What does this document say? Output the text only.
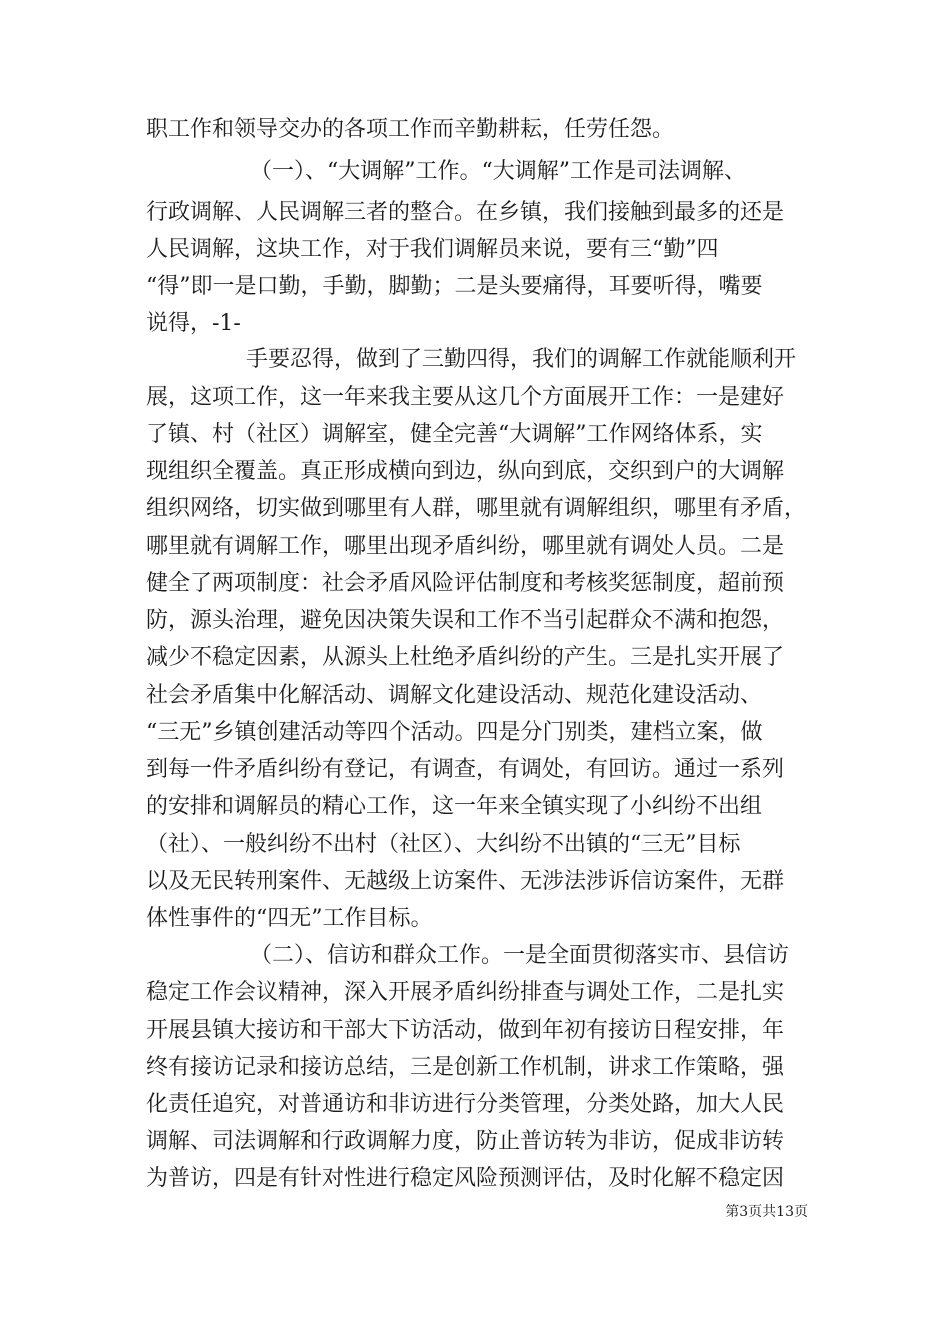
职工作和领导交办的各项工作而辛勤耕耘，任劳任怨。
（一）、“大调解”工作。“大调解”工作是司法调解、
行政调解、人民调解三者的整合。在乡镇，我们接触到最多的还是
人民调解，这块工作，对于我们调解员来说，要有三“勤”四
“得”即一是口勤，手勤，脚勤；二是头要痛得，耳要听得，嘴要
说得，-1-
手要忍得，做到了三勤四得，我们的调解工作就能顺利开
展，这项工作，这一年来我主要从这几个方面展开工作：一是建好
了镇、村（社区）调解室，健全完善“大调解”工作网络体系，实
现组织全覆盖。真正形成横向到边，纵向到底，交织到户的大调解
组织网络，切实做到哪里有人群，哪里就有调解组织，哪里有矛盾，
哪里就有调解工作，哪里出现矛盾纠纷，哪里就有调处人员。二是
健全了两项制度：社会矛盾风险评估制度和考核奖惩制度，超前预
防，源头治理，避免因决策失误和工作不当引起群众不满和抱怨，
减少不稳定因素，从源头上杜绝矛盾纠纷的产生。三是扎实开展了
社会矛盾集中化解活动、调解文化建设活动、规范化建设活动、
“三无”乡镇创建活动等四个活动。四是分门别类，建档立案，做
到每一件矛盾纠纷有登记，有调查，有调处，有回访。通过一系列
的安排和调解员的精心工作，这一年来全镇实现了小纠纷不出组
（社）、一般纠纷不出村（社区）、大纠纷不出镇的“三无”目标
以及无民转刑案件、无越级上访案件、无涉法涉诉信访案件，无群
体性事件的“四无”工作目标。
（二）、信访和群众工作。一是全面贯彻落实市、县信访
稳定工作会议精神，深入开展矛盾纠纷排查与调处工作，二是扎实
开展县镇大接访和干部大下访活动，做到年初有接访日程安排，年
终有接访记录和接访总结，三是创新工作机制，讲求工作策略，强
化责任追究，对普通访和非访进行分类管理，分类处路，加大人民
调解、司法调解和行政调解力度，防止普访转为非访，促成非访转
为普访，四是有针对性进行稳定风险预测评估，及时化解不稳定因
第3页共13页
